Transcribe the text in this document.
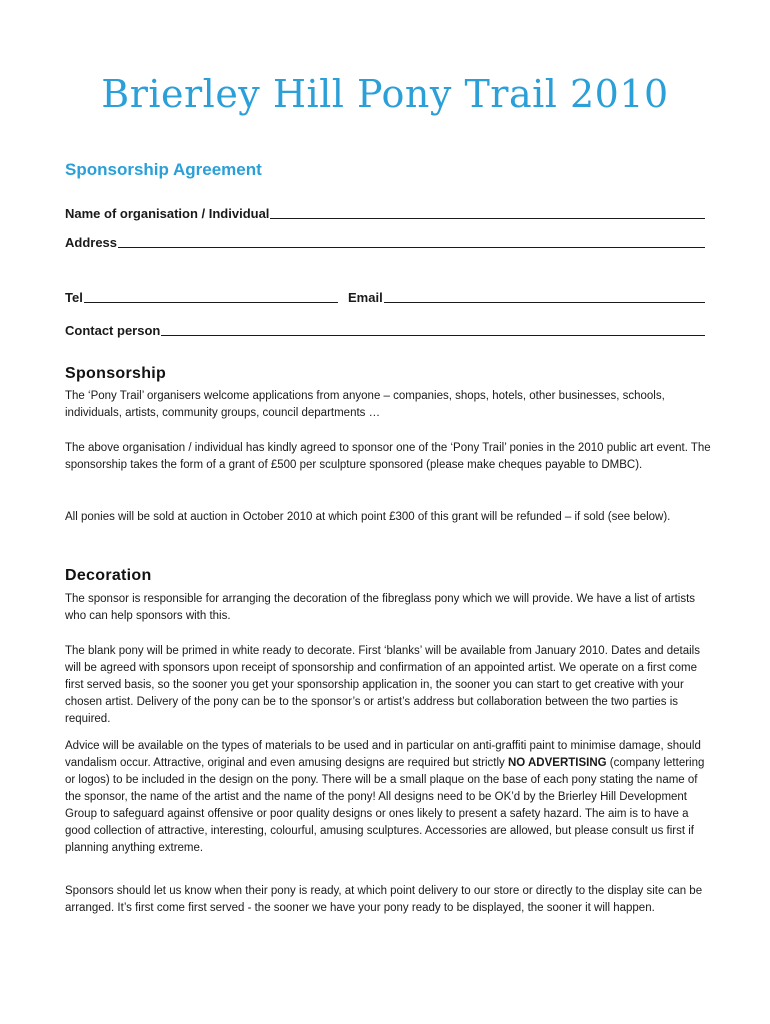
Brierley Hill Pony Trail 2010
Sponsorship Agreement
Name of organisation / Individual
Address
Tel	Email
Contact person
Sponsorship
The ‘Pony Trail’ organisers welcome applications from anyone – companies, shops, hotels, other businesses, schools, individuals, artists, community groups, council departments …
The above organisation / individual has kindly agreed to sponsor one of the ‘Pony Trail’ ponies in the 2010 public art event. The sponsorship takes the form of a grant of £500 per sculpture sponsored (please make cheques payable to DMBC).
All ponies will be sold at auction in October 2010 at which point £300 of this grant will be refunded – if sold (see below).
Decoration
The sponsor is responsible for arranging the decoration of the fibreglass pony which we will provide. We have a list of artists who can help sponsors with this.
The blank pony will be primed in white ready to decorate. First ‘blanks’ will be available from January 2010. Dates and details will be agreed with sponsors upon receipt of sponsorship and confirmation of an appointed artist. We operate on a first come first served basis, so the sooner you get your sponsorship application in, the sooner you can start to get creative with your chosen artist. Delivery of the pony can be to the sponsor’s or artist’s address but collaboration between the two parties is required.
Advice will be available on the types of materials to be used and in particular on anti-graffiti paint to minimise damage, should vandalism occur. Attractive, original and even amusing designs are required but strictly NO ADVERTISING (company lettering or logos) to be included in the design on the pony. There will be a small plaque on the base of each pony stating the name of the sponsor, the name of the artist and the name of the pony! All designs need to be OK’d by the Brierley Hill Development Group to safeguard against offensive or poor quality designs or ones likely to present a safety hazard. The aim is to have a good collection of attractive, interesting, colourful, amusing sculptures. Accessories are allowed, but please consult us first if planning anything extreme.
Sponsors should let us know when their pony is ready, at which point delivery to our store or directly to the display site can be arranged. It’s first come first served - the sooner we have your pony ready to be displayed, the sooner it will happen.
